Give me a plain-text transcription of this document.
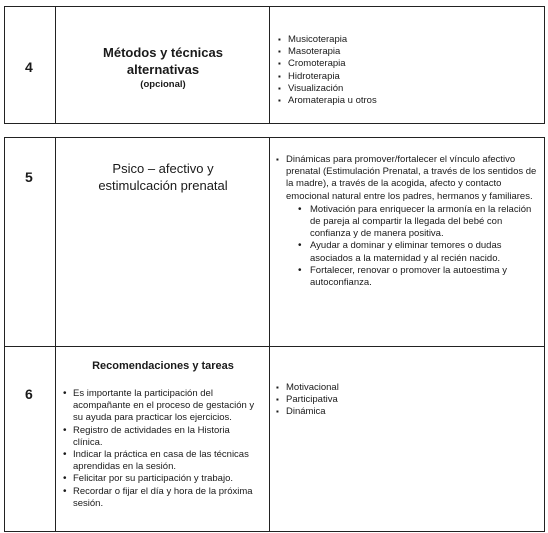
4
Métodos y técnicas
alternativas
(opcional)
▪ Musicoterapia
▪ Masoterapia
▪ Cromoterapia
▪ Hidroterapia
▪ Visualización
▪ Aromaterapia u otros
5
Psico – afectivo y
estimulcación prenatal
▪ Dinámicas para promover/fortalecer el vínculo afectivo prenatal (Estimulación Prenatal, a través de los sentidos de la madre), a través de la acogida, afecto y contacto emocional natural entre los padres, hermanos y familiares.
• Motivación para enriquecer la armonía en la relación de pareja al compartir la llegada del bebé con confianza y de manera positiva.
• Ayudar a dominar y eliminar temores o dudas asociados a la maternidad y al recién nacido.
• Fortalecer, renovar o promover la autoestima y autoconfianza.
6
Recomendaciones y tareas
• Es importante la participación del acompañante en el proceso de gestación y su ayuda para practicar los ejercicios.
• Registro de actividades en la Historia clínica.
• Indicar la práctica en casa de las técnicas aprendidas en la sesión.
• Felicitar por su participación y trabajo.
• Recordar o fijar el día y hora de la próxima sesión.
▪ Motivacional
▪ Participativa
▪ Dinámica
